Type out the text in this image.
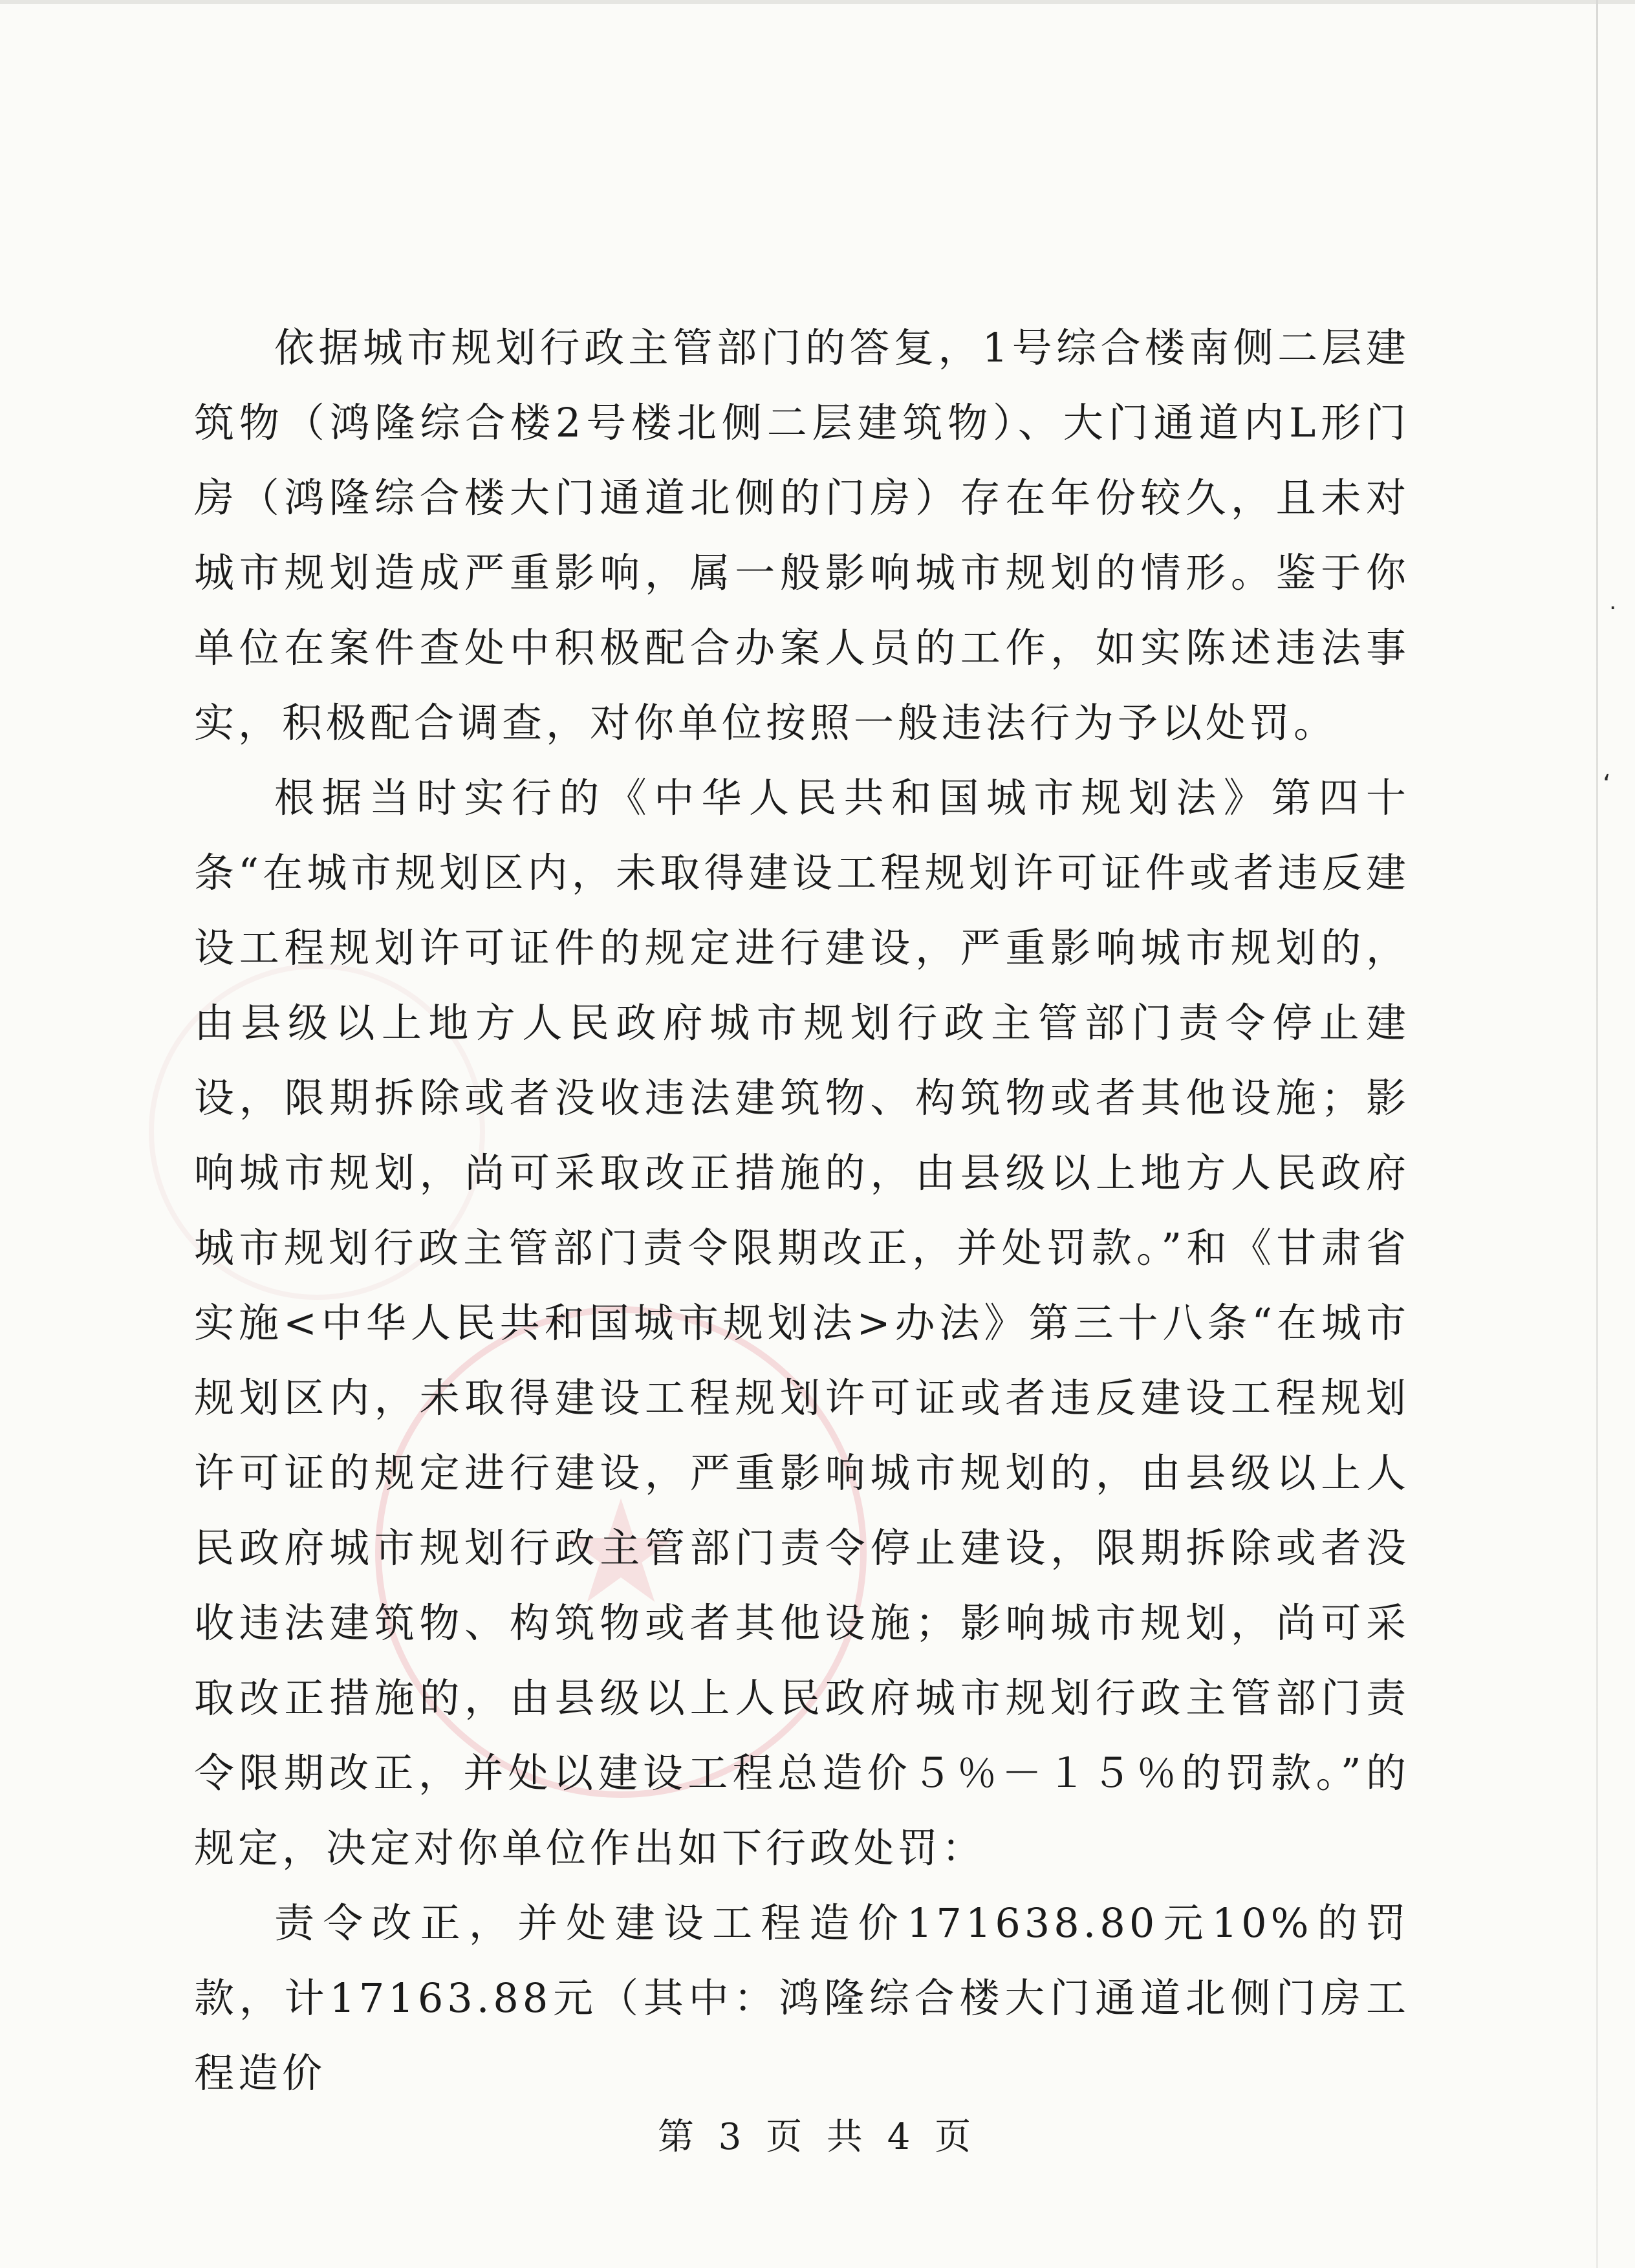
★
‘
·

依据城市规划行政主管部门的答复，1号综合楼南侧二层建筑物（鸿隆综合楼2号楼北侧二层建筑物）、大门通道内L形门房（鸿隆综合楼大门通道北侧的门房）存在年份较久，且未对城市规划造成严重影响，属一般影响城市规划的情形。鉴于你单位在案件查处中积极配合办案人员的工作，如实陈述违法事实，积极配合调查，对你单位按照一般违法行为予以处罚。

根据当时实行的《中华人民共和国城市规划法》第四十条“在城市规划区内，未取得建设工程规划许可证件或者违反建设工程规划许可证件的规定进行建设，严重影响城市规划的，由县级以上地方人民政府城市规划行政主管部门责令停止建设，限期拆除或者没收违法建筑物、构筑物或者其他设施；影响城市规划，尚可采取改正措施的，由县级以上地方人民政府城市规划行政主管部门责令限期改正，并处罚款。”和《甘肃省实施<中华人民共和国城市规划法>办法》第三十八条“在城市规划区内，未取得建设工程规划许可证或者违反建设工程规划许可证的规定进行建设，严重影响城市规划的，由县级以上人民政府城市规划行政主管部门责令停止建设，限期拆除或者没收违法建筑物、构筑物或者其他设施；影响城市规划，尚可采取改正措施的，由县级以上人民政府城市规划行政主管部门责令限期改正，并处以建设工程总造价５％－１５％的罚款。”的规定，决定对你单位作出如下行政处罚：

责令改正，并处建设工程造价171638.80元10%的罚款，计17163.88元（其中：鸿隆综合楼大门通道北侧门房工程造价

第 3 页 共 4 页
